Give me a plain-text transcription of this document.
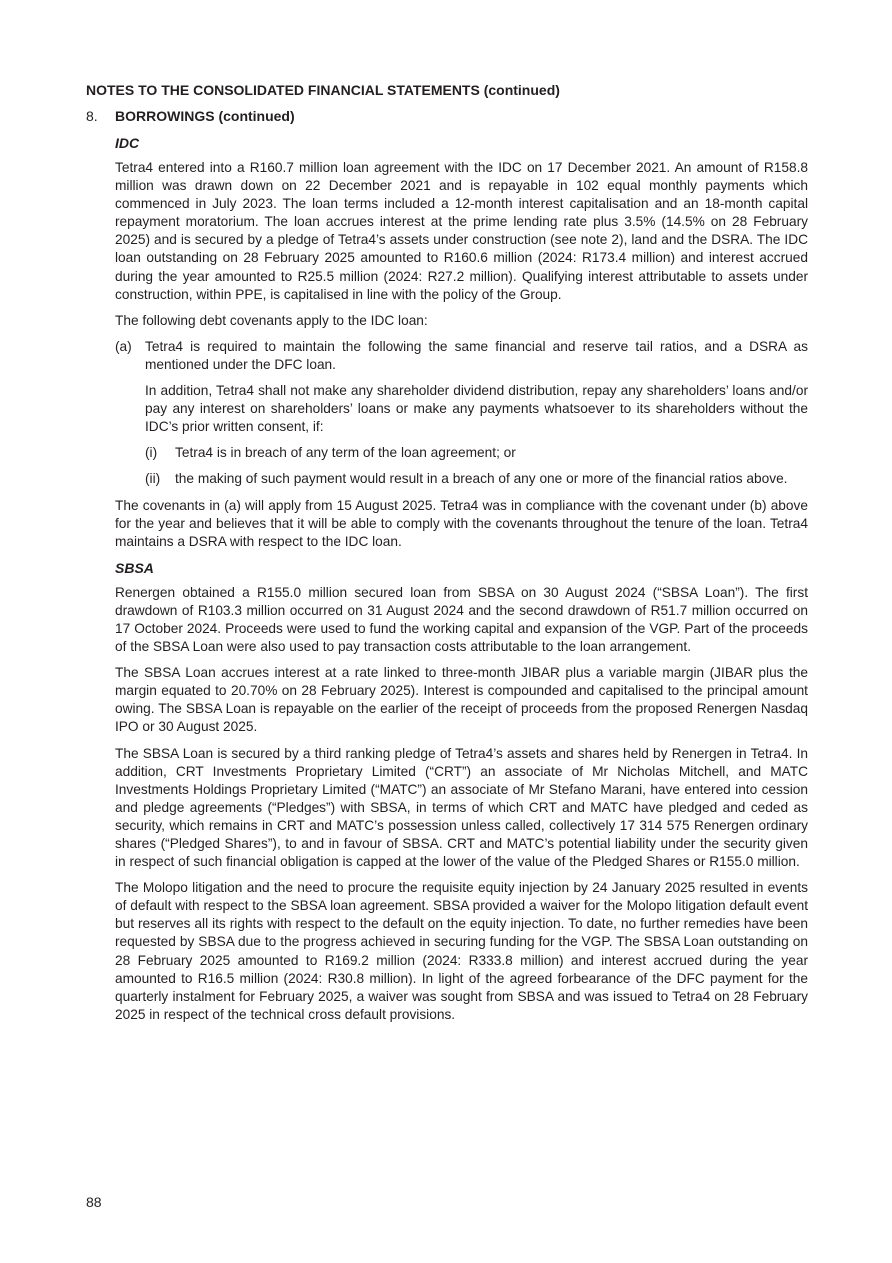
NOTES TO THE CONSOLIDATED FINANCIAL STATEMENTS (continued)
8. BORROWINGS (continued)
IDC

Tetra4 entered into a R160.7 million loan agreement with the IDC on 17 December 2021. An amount of R158.8 million was drawn down on 22 December 2021 and is repayable in 102 equal monthly payments which commenced in July 2023. The loan terms included a 12-month interest capitalisation and an 18-month capital repayment moratorium. The loan accrues interest at the prime lending rate plus 3.5% (14.5% on 28 February 2025) and is secured by a pledge of Tetra4’s assets under construction (see note 2), land and the DSRA. The IDC loan outstanding on 28 February 2025 amounted to R160.6 million (2024: R173.4 million) and interest accrued during the year amounted to R25.5 million (2024: R27.2 million). Qualifying interest attributable to assets under construction, within PPE, is capitalised in line with the policy of the Group.

The following debt covenants apply to the IDC loan:

(a) Tetra4 is required to maintain the following the same financial and reserve tail ratios, and a DSRA as mentioned under the DFC loan.

In addition, Tetra4 shall not make any shareholder dividend distribution, repay any shareholders’ loans and/or pay any interest on shareholders’ loans or make any payments whatsoever to its shareholders without the IDC’s prior written consent, if:

(i) Tetra4 is in breach of any term of the loan agreement; or
(ii) the making of such payment would result in a breach of any one or more of the financial ratios above.

The covenants in (a) will apply from 15 August 2025. Tetra4 was in compliance with the covenant under (b) above for the year and believes that it will be able to comply with the covenants throughout the tenure of the loan. Tetra4 maintains a DSRA with respect to the IDC loan.

SBSA

Renergen obtained a R155.0 million secured loan from SBSA on 30 August 2024 (“SBSA Loan”). The first drawdown of R103.3 million occurred on 31 August 2024 and the second drawdown of R51.7 million occurred on 17 October 2024. Proceeds were used to fund the working capital and expansion of the VGP. Part of the proceeds of the SBSA Loan were also used to pay transaction costs attributable to the loan arrangement.

The SBSA Loan accrues interest at a rate linked to three-month JIBAR plus a variable margin (JIBAR plus the margin equated to 20.70% on 28 February 2025). Interest is compounded and capitalised to the principal amount owing. The SBSA Loan is repayable on the earlier of the receipt of proceeds from the proposed Renergen Nasdaq IPO or 30 August 2025.

The SBSA Loan is secured by a third ranking pledge of Tetra4’s assets and shares held by Renergen in Tetra4. In addition, CRT Investments Proprietary Limited (“CRT”) an associate of Mr Nicholas Mitchell, and MATC Investments Holdings Proprietary Limited (“MATC”) an associate of Mr Stefano Marani, have entered into cession and pledge agreements (“Pledges”) with SBSA, in terms of which CRT and MATC have pledged and ceded as security, which remains in CRT and MATC’s possession unless called, collectively 17 314 575 Renergen ordinary shares (“Pledged Shares”), to and in favour of SBSA. CRT and MATC’s potential liability under the security given in respect of such financial obligation is capped at the lower of the value of the Pledged Shares or R155.0 million.

The Molopo litigation and the need to procure the requisite equity injection by 24 January 2025 resulted in events of default with respect to the SBSA loan agreement. SBSA provided a waiver for the Molopo litigation default event but reserves all its rights with respect to the default on the equity injection. To date, no further remedies have been requested by SBSA due to the progress achieved in securing funding for the VGP. The SBSA Loan outstanding on 28 February 2025 amounted to R169.2 million (2024: R333.8 million) and interest accrued during the year amounted to R16.5 million (2024: R30.8 million). In light of the agreed forbearance of the DFC payment for the quarterly instalment for February 2025, a waiver was sought from SBSA and was issued to Tetra4 on 28 February 2025 in respect of the technical cross default provisions.

88
